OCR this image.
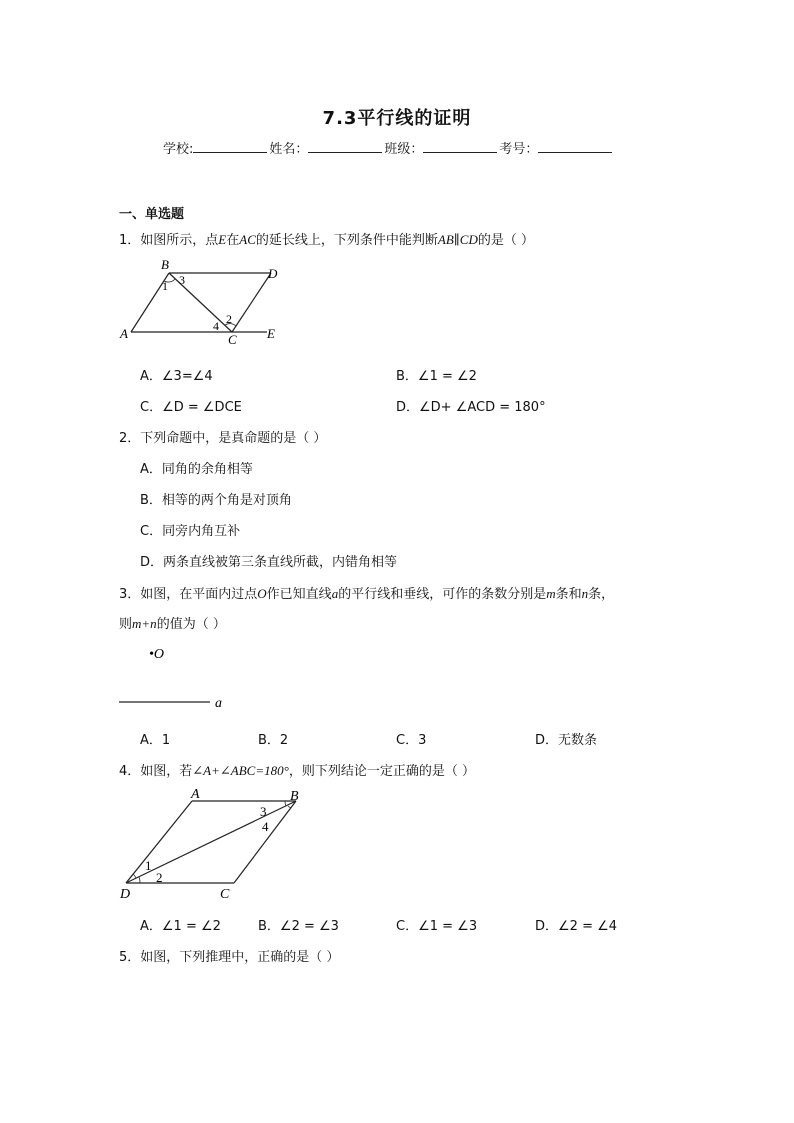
7.3平行线的证明
学校:	姓名：	班级：	考号：
一、单选题
1．如图所示，点E在AC的延长线上，下列条件中能判断AB∥CD的是（ ）
B
D
A	C E
1 3
2
4
A．∠3=∠4	B．∠1 = ∠2
C．∠D = ∠DCE	D．∠D+ ∠ACD = 180°
2．下列命题中，是真命题的是（ ）
A．同角的余角相等
B．相等的两个角是对顶角
C．同旁内角互补
D．两条直线被第三条直线所截，内错角相等
3．如图，在平面内过点O作已知直线a的平行线和垂线，可作的条数分别是m条和n条，
则m+n的值为（ ）
•O
a
A．1	B．2	C．3	D．无数条
4．如图，若∠A+∠ABC=180°，则下列结论一定正确的是（ ）
A	B
C
D
1
2
3
4
A．∠1 = ∠2	B．∠2 = ∠3	C．∠1 = ∠3	D．∠2 = ∠4
5．如图，下列推理中，正确的是（ ）
